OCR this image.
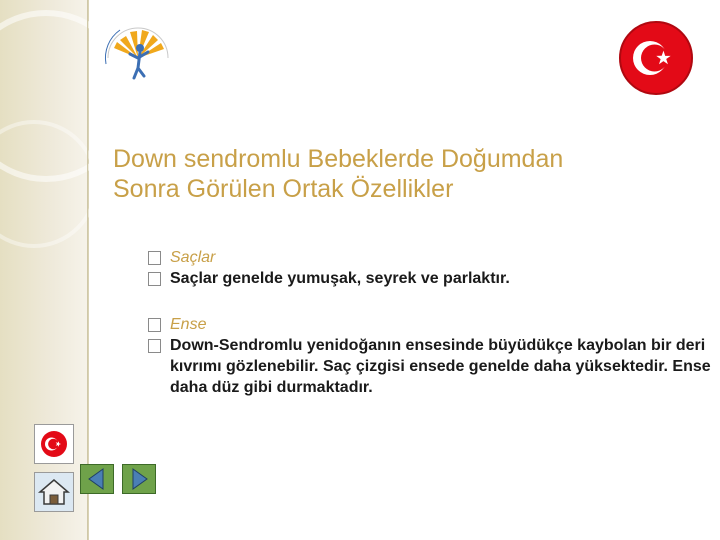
Down sendromlu Bebeklerde Doğumdan
Sonra Görülen Ortak Özellikler
Saçlar
Saçlar genelde yumuşak, seyrek ve parlaktır.
Ense
Down-Sendromlu yenidoğanın ensesinde büyüdükçe kaybolan bir deri kıvrımı gözlenebilir. Saç çizgisi ensede genelde daha yüksektedir. Ense daha düz gibi durmaktadır.
